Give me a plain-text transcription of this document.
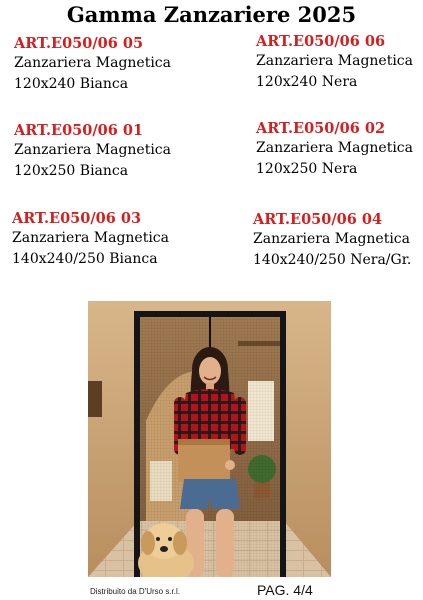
Gamma Zanzariere 2025
ART.E050/06 05
Zanzariera Magnetica
120x240 Bianca
ART.E050/06 06
Zanzariera Magnetica
120x240 Nera
ART.E050/06 01
Zanzariera Magnetica
120x250 Bianca
ART.E050/06 02
Zanzariera Magnetica
120x250 Nera
ART.E050/06 03
Zanzariera Magnetica
140x240/250 Bianca
ART.E050/06 04
Zanzariera Magnetica
140x240/250 Nera/Gr.
Distribuito da D'Urso s.r.l.	PAG. 4/4
